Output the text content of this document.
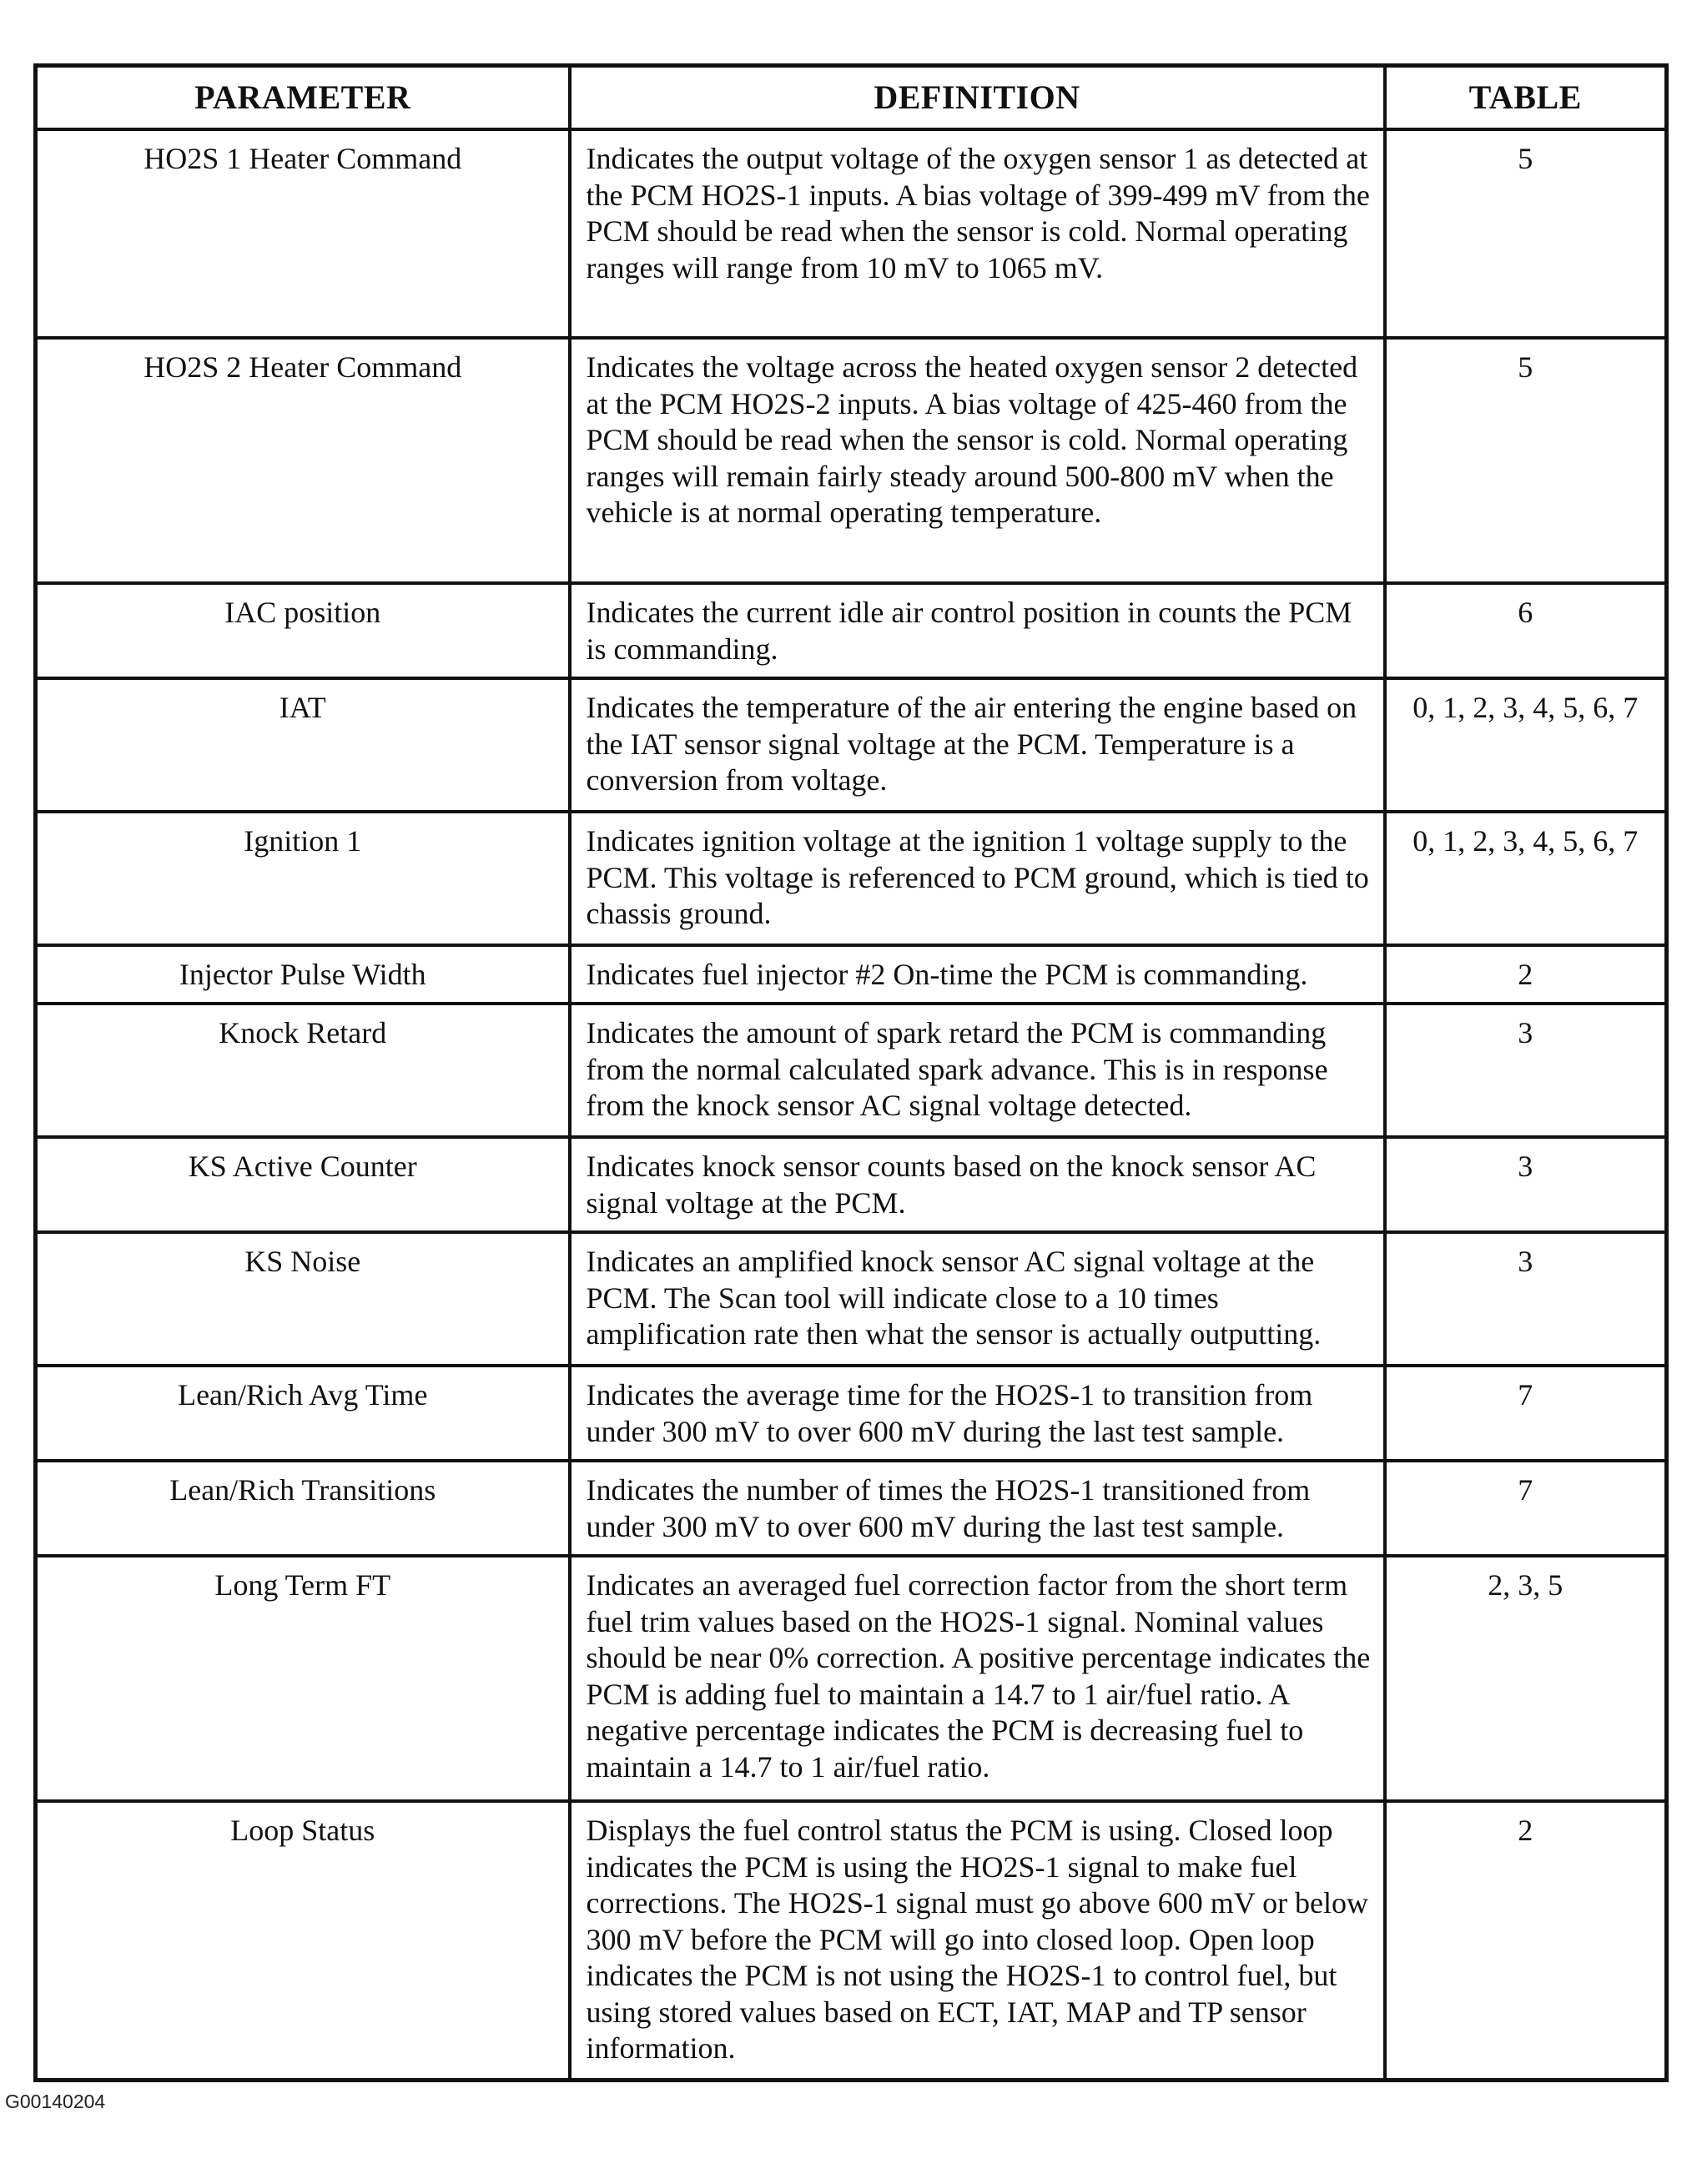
PARAMETER	DEFINITION	TABLE
HO2S 1 Heater Command	Indicates the output voltage of the oxygen sensor 1 as detected at the PCM HO2S-1 inputs. A bias voltage of 399-499 mV from the PCM should be read when the sensor is cold. Normal operating ranges will range from 10 mV to 1065 mV.	5
HO2S 2 Heater Command	Indicates the voltage across the heated oxygen sensor 2 detected at the PCM HO2S-2 inputs. A bias voltage of 425-460 from the PCM should be read when the sensor is cold. Normal operating ranges will remain fairly steady around 500-800 mV when the vehicle is at normal operating temperature.	5
IAC position	Indicates the current idle air control position in counts the PCM is commanding.	6
IAT	Indicates the temperature of the air entering the engine based on the IAT sensor signal voltage at the PCM. Temperature is a conversion from voltage.	0, 1, 2, 3, 4, 5, 6, 7
Ignition 1	Indicates ignition voltage at the ignition 1 voltage supply to the PCM. This voltage is referenced to PCM ground, which is tied to chassis ground.	0, 1, 2, 3, 4, 5, 6, 7
Injector Pulse Width	Indicates fuel injector #2 On-time the PCM is commanding.	2
Knock Retard	Indicates the amount of spark retard the PCM is commanding from the normal calculated spark advance. This is in response from the knock sensor AC signal voltage detected.	3
KS Active Counter	Indicates knock sensor counts based on the knock sensor AC signal voltage at the PCM.	3
KS Noise	Indicates an amplified knock sensor AC signal voltage at the PCM. The Scan tool will indicate close to a 10 times amplification rate then what the sensor is actually outputting.	3
Lean/Rich Avg Time	Indicates the average time for the HO2S-1 to transition from under 300 mV to over 600 mV during the last test sample.	7
Lean/Rich Transitions	Indicates the number of times the HO2S-1 transitioned from under 300 mV to over 600 mV during the last test sample.	7
Long Term FT	Indicates an averaged fuel correction factor from the short term fuel trim values based on the HO2S-1 signal. Nominal values should be near 0% correction. A positive percentage indicates the PCM is adding fuel to maintain a 14.7 to 1 air/fuel ratio. A negative percentage indicates the PCM is decreasing fuel to maintain a 14.7 to 1 air/fuel ratio.	2, 3, 5
Loop Status	Displays the fuel control status the PCM is using. Closed loop indicates the PCM is using the HO2S-1 signal to make fuel corrections. The HO2S-1 signal must go above 600 mV or below 300 mV before the PCM will go into closed loop. Open loop indicates the PCM is not using the HO2S-1 to control fuel, but using stored values based on ECT, IAT, MAP and TP sensor information.	2
G00140204
